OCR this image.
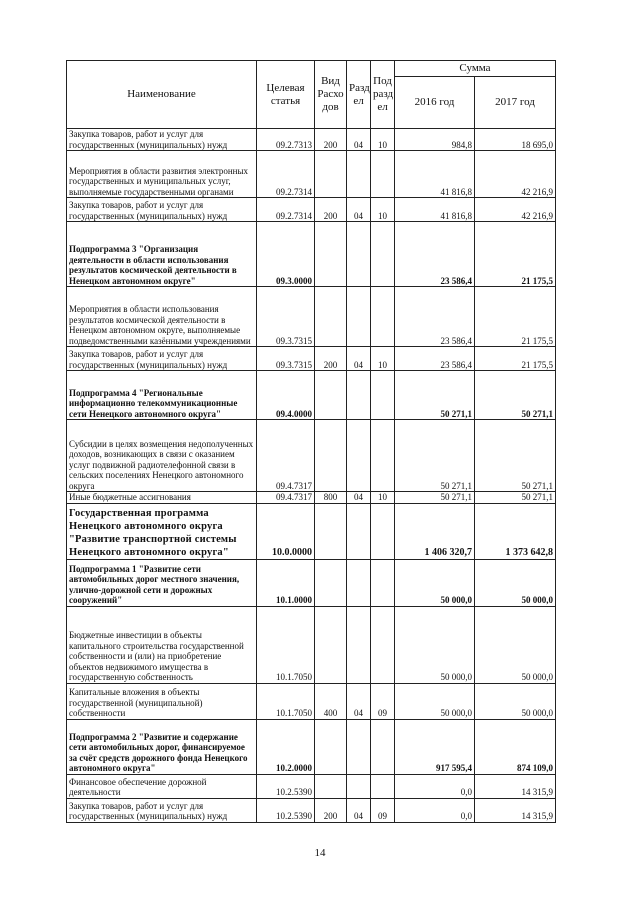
Наименование	Целевая статья	Вид Расхо дов	Разд ел	Под разд ел	Сумма	
					2016 год	2017 год
Закупка товаров, работ и услуг для государственных (муниципальных) нужд	09.2.7313	200	04	10	984,8	18 695,0
Мероприятия в области развития электронных государственных и муниципальных услуг, выполняемые государственными органами	09.2.7314				41 816,8	42 216,9
Закупка товаров, работ и услуг для государственных (муниципальных) нужд	09.2.7314	200	04	10	41 816,8	42 216,9
Подпрограмма 3 "Организация деятельности в области использования результатов космической деятельности в Ненецком автономном округе"	09.3.0000				23 586,4	21 175,5
Мероприятия в области использования результатов космической деятельности в Ненецком автономном округе, выполняемые подведомственными казёнными учреждениями	09.3.7315				23 586,4	21 175,5
Закупка товаров, работ и услуг для государственных (муниципальных) нужд	09.3.7315	200	04	10	23 586,4	21 175,5
Подпрограмма 4 "Региональные информационно телекоммуникационные сети Ненецкого автономного округа"	09.4.0000				50 271,1	50 271,1
Субсидии в целях возмещения недополученных доходов, возникающих в связи с оказанием услуг подвижной радиотелефонной связи в сельских поселениях Ненецкого автономного округа	09.4.7317				50 271,1	50 271,1
Иные бюджетные ассигнования	09.4.7317	800	04	10	50 271,1	50 271,1
Государственная программа Ненецкого автономного округа "Развитие транспортной системы Ненецкого автономного округа"	10.0.0000				1 406 320,7	1 373 642,8
Подпрограмма 1 "Развитие сети автомобильных дорог местного значения, улично-дорожной сети и дорожных сооружений"	10.1.0000				50 000,0	50 000,0
Бюджетные инвестиции в объекты капитального строительства государственной собственности и (или) на приобретение объектов недвижимого имущества в государственную собственность	10.1.7050				50 000,0	50 000,0
Капитальные вложения в объекты государственной (муниципальной) собственности	10.1.7050	400	04	09	50 000,0	50 000,0
Подпрограмма 2 "Развитие и содержание сети автомобильных дорог, финансируемое за счёт средств дорожного фонда Ненецкого автономного округа"	10.2.0000				917 595,4	874 109,0
Финансовое обеспечение дорожной деятельности	10.2.5390				0,0	14 315,9
Закупка товаров, работ и услуг для государственных (муниципальных) нужд	10.2.5390	200	04	09	0,0	14 315,9
14
